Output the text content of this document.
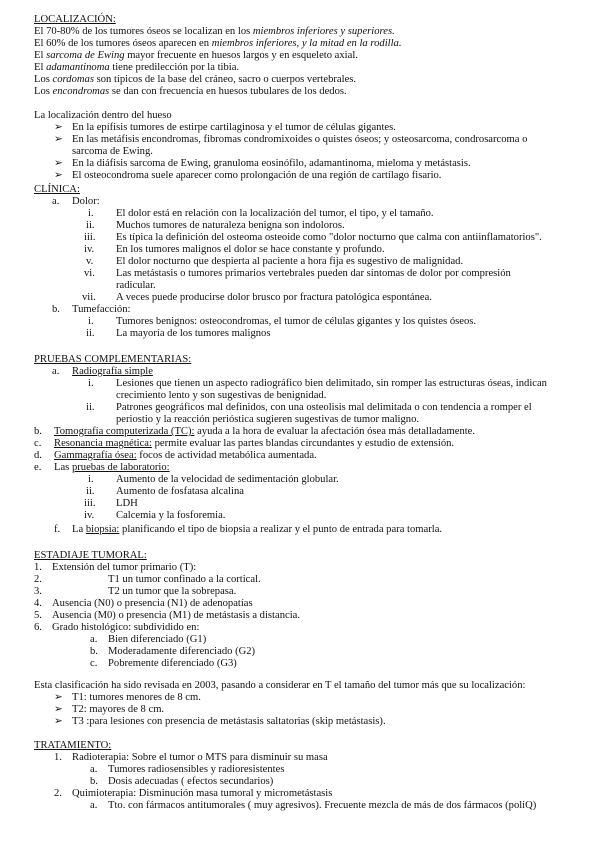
LOCALIZACIÓN:
El 70-80% de los tumores óseos se localizan en los miembros inferiores y superiores.
El 60% de los tumores óseos aparecen en miembros inferiores, y la mitad en la rodilla.
El sarcoma de Ewing mayor frecuente en huesos largos y en esqueleto axial.
El adamantinoma tiene predilección por la tibia.
Los cordomas son típicos de la base del cráneo, sacro o cuerpos vertebrales.
Los encondromas se dan con frecuencia en huesos tubulares de los dedos.
La localización dentro del hueso
➢ En la epífisis tumores de estirpe cartilaginosa y el tumor de células gigantes.
➢ En las metáfisis encondromas, fibromas condromixoides o quistes óseos; y osteosarcoma, condrosarcoma o
sarcoma de Ewing.
➢ En la diáfisis sarcoma de Ewing, granuloma eosinófilo, adamantinoma, mieloma y metástasis.
➢ El osteocondroma suele aparecer como prolongación de una región de cartílago fisario.
CLÍNICA:
a. Dolor:
i. El dolor está en relación con la localización del tumor, el tipo, y el tamaño.
ii. Muchos tumores de naturaleza benigna son indoloros.
iii. Es típica la definición del osteoma osteoide como "dolor nocturno que calma con antiinflamatorios".
iv. En los tumores malignos el dolor se hace constante y profundo.
v. El dolor nocturno que despierta al paciente a hora fija es sugestivo de malignidad.
vi. Las metástasis o tumores primarios vertebrales pueden dar síntomas de dolor por compresión
radicular.
vii. A veces puede producirse dolor brusco por fractura patológica espontánea.
b. Tumefacción:
i. Tumores benignos: osteocondromas, el tumor de células gigantes y los quistes óseos.
ii. La mayoría de los tumores malignos
PRUEBAS COMPLEMENTARIAS:
a. Radiografía simple
i. Lesiones que tienen un aspecto radiográfico bien delimitado, sin romper las estructuras óseas, indican
crecimiento lento y son sugestivas de benignidad.
ii. Patrones geográficos mal definidos, con una osteolisis mal delimitada o con tendencia a romper el
periostio y la reacción perióstica sugieren sugestivas de tumor maligno.
b. Tomografía computerizada (TC): ayuda a la hora de evaluar la afectación ósea más detalladamente.
c. Resonancia magnética: permite evaluar las partes blandas circundantes y estudio de extensión.
d. Gammagrafía ósea: focos de actividad metabólica aumentada.
e. Las pruebas de laboratorio:
i. Aumento de la velocidad de sedimentación globular.
ii. Aumento de fosfatasa alcalina
iii. LDH
iv. Calcemia y la fosforemia.
f. La biopsia: planificando el tipo de biopsia a realizar y el punto de entrada para tomarla.
ESTADIAJE TUMORAL:
1. Extensión del tumor primario (T):
2.	T1 un tumor confinado a la cortical.
3.	T2 un tumor que la sobrepasa.
4. Ausencia (N0) o presencia (N1) de adenopatías
5. Ausencia (M0) o presencia (M1) de metástasis a distancia.
6. Grado histológico: subdividido en:
a. Bien diferenciado (G1)
b. Moderadamente diferenciado (G2)
c. Pobremente diferenciado (G3)
Esta clasificación ha sido revisada en 2003, pasando a considerar en T el tamaño del tumor más que su localización:
➢ T1: tumores menores de 8 cm.
➢ T2: mayores de 8 cm.
➢ T3 :para lesiones con presencia de metástasis saltatorias (skip metástasis).
TRATAMIENTO:
1. Radioterapia: Sobre el tumor o MTS para disminuir su masa
a. Tumores radiosensibles y radioresistentes
b. Dosis adecuadas ( efectos secundarios)
2. Quimioterapia: Disminución masa tumoral y micrometástasis
a. Tto. con fármacos antitumorales ( muy agresivos). Frecuente mezcla de más de dos fármacos (poliQ)
